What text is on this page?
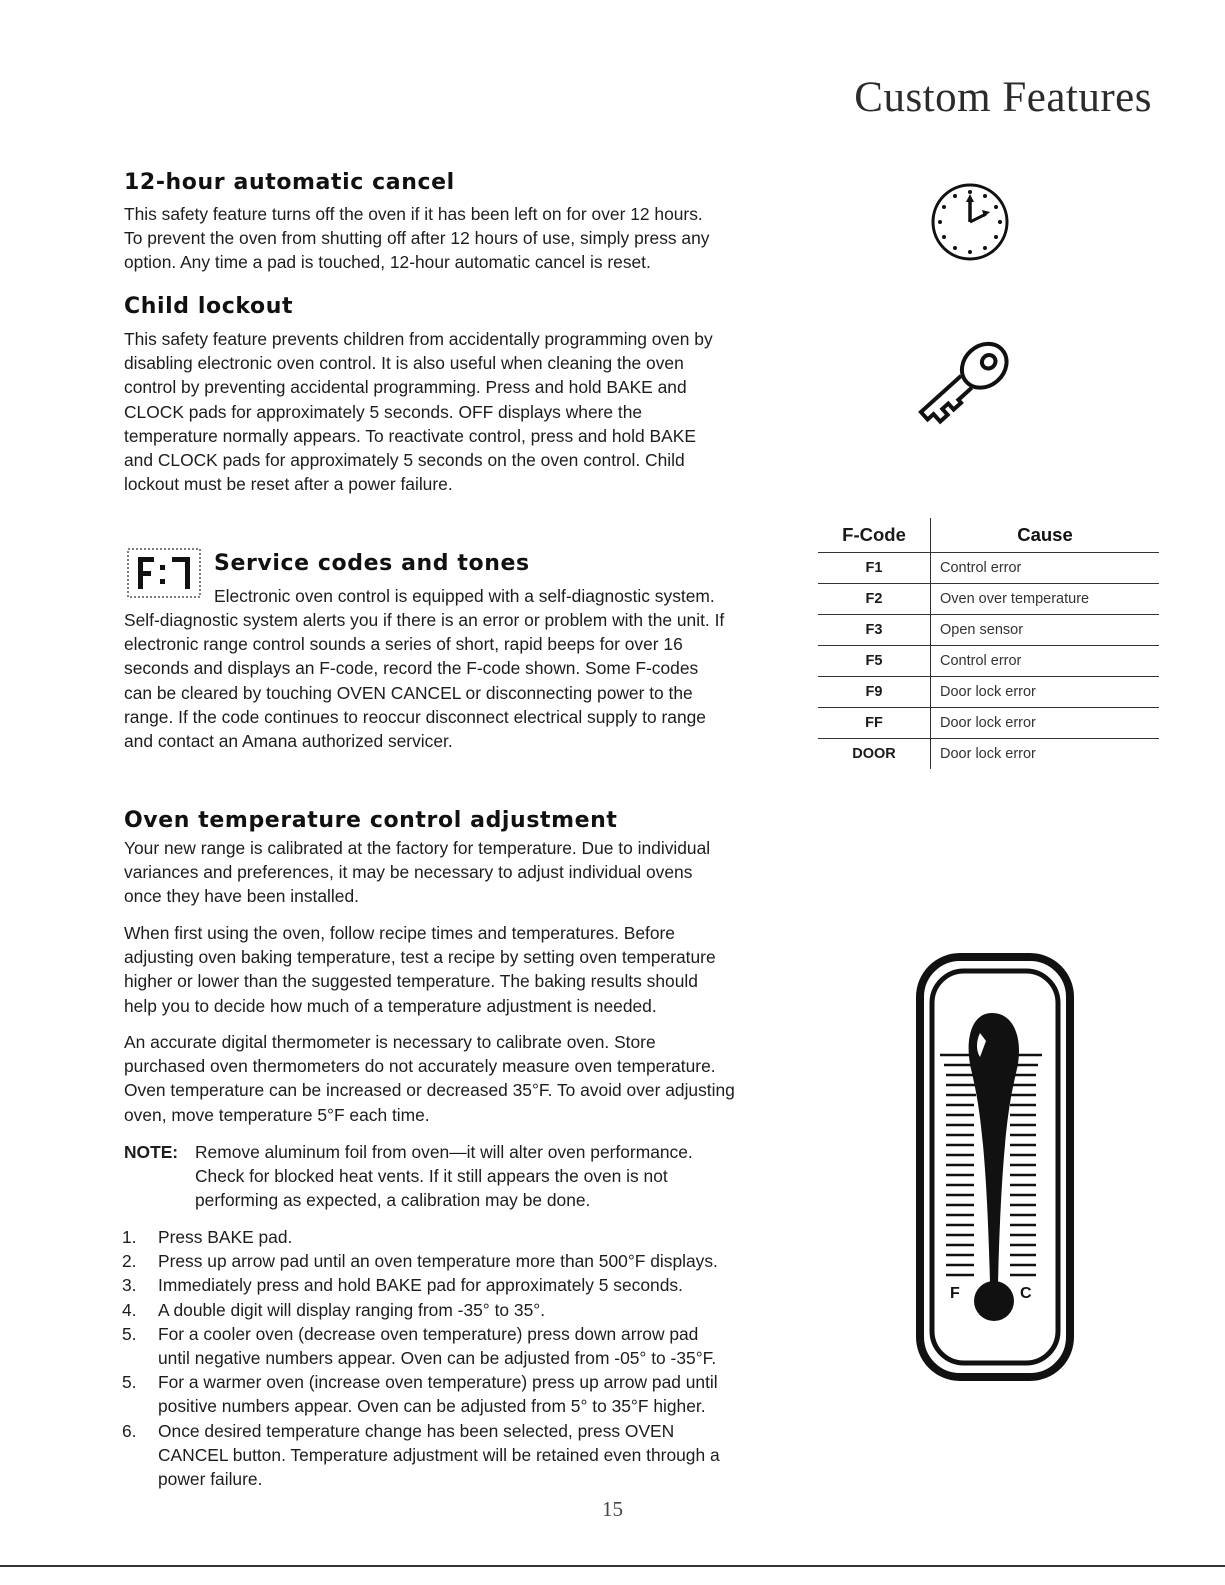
Custom Features
12-hour automatic cancel

This safety feature turns off the oven if it has been left on for over 12 hours.

To prevent the oven from shutting off after 12 hours of use, simply press any

option. Any time a pad is touched, 12-hour automatic cancel is reset.

Child lockout

This safety feature prevents children from accidentally programming oven by

disabling electronic oven control. It is also useful when cleaning the oven

control by preventing accidental programming. Press and hold BAKE and

CLOCK pads for approximately 5 seconds. OFF displays where the

temperature normally appears. To reactivate control, press and hold BAKE

and CLOCK pads for approximately 5 seconds on the oven control. Child

lockout must be reset after a power failure.

Service codes and tones
Electronic oven control is equipped with a self-diagnostic system.

Self-diagnostic system alerts you if there is an error or problem with the unit. If

electronic range control sounds a series of short, rapid beeps for over 16

seconds and displays an F-code, record the F-code shown. Some F-codes

can be cleared by touching OVEN CANCEL or disconnecting power to the

range. If the code continues to reoccur disconnect electrical supply to range

and contact an Amana authorized servicer.

F-Code	Cause
F1	Control error
F2	Oven over temperature
F3	Open sensor
F5	Control error
F9	Door lock error
FF	Door lock error
DOOR	Door lock error
Oven temperature control adjustment

Your new range is calibrated at the factory for temperature. Due to individual

variances and preferences, it may be necessary to adjust individual ovens

once they have been installed.

When first using the oven, follow recipe times and temperatures. Before

adjusting oven baking temperature, test a recipe by setting oven temperature

higher or lower than the suggested temperature. The baking results should

help you to decide how much of a temperature adjustment is needed.

An accurate digital thermometer is necessary to calibrate oven. Store

purchased oven thermometers do not accurately measure oven temperature.

Oven temperature can be increased or decreased 35°F. To avoid over adjusting

oven, move temperature 5°F each time.

NOTE: Remove aluminum foil from oven—it will alter oven performance.

Check for blocked heat vents. If it still appears the oven is not

performing as expected, a calibration may be done.

1. Press BAKE pad.
2. Press up arrow pad until an oven temperature more than 500°F displays.
3. Immediately press and hold BAKE pad for approximately 5 seconds.
4. A double digit will display ranging from -35° to 35°.
5. For a cooler oven (decrease oven temperature) press down arrow pad
until negative numbers appear. Oven can be adjusted from -05° to -35°F.
5. For a warmer oven (increase oven temperature) press up arrow pad until
positive numbers appear. Oven can be adjusted from 5° to 35°F higher.
6. Once desired temperature change has been selected, press OVEN
CANCEL button. Temperature adjustment will be retained even through a
power failure.
F	C
15
